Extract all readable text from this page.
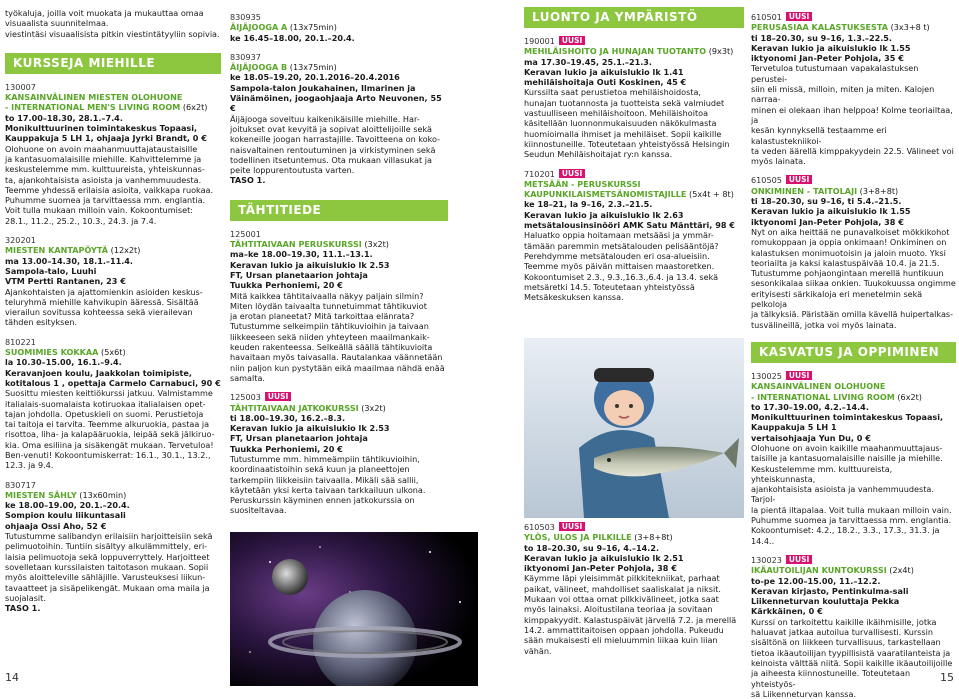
työkaluja, joilla voit muokata ja mukauttaa omaa visuaalista suunnitelmaa.

viestintäsi visuaalisista pitkin viestintätyyliin sopivia.

KURSSEJA MIEHILLE

130007

KANSAINVÄLINEN MIESTEN OLOHUONE

- INTERNATIONAL MEN'S LIVING ROOM (6x2t)

to 17.00–18.30, 28.1.–7.4.

Monikulttuurinen toimintakeskus Topaasi,

Kauppakuja 5 LH 1, ohjaaja Jyrki Brandt, 0 €

Olohuone on avoin maahanmuuttajataustaisille

ja kantasuomalaisille miehille. Kahvittelemme ja

keskustelemme mm. kulttuureista, yhteiskunnas-

ta, ajankohtaisista asioista ja vanhemmuudesta.

Teemme yhdessä erilaisia asioita, vaikkapa ruokaa.

Puhumme suomea ja tarvittaessa mm. englantia.

Voit tulla mukaan milloin vain. Kokoontumiset:

28.1., 11.2., 25.2., 10.3., 24.3. ja 7.4.

320201

MIESTEN KANTAPÖYTÄ (12x2t)

ma 13.00–14.30, 18.1.–11.4.

Sampola-talo, Luuhi

VTM Pertti Rantanen, 23 €

Ajankohtaisten ja ajattomienkin asioiden keskus-

teluryhmä miehille kahvikupin ääressä. Sisältää

vierailun sovitussa kohteessa sekä vierailevan

tähden esityksen.

810221

SUOMIMIES KOKKAA (5x6t)

la 10.30–15.00, 16.1.–9.4.

Keravanjoen koulu, Jaakkolan toimipiste,

kotitalous 1 , opettaja Carmelo Carnabuci, 90 €

Suosittu miesten keittiökurssi jatkuu. Valmistamme

italialais-suomalaista kotiruokaa italialaisen opet-

tajan johdolla. Opetuskieli on suomi. Perustietoja

tai taitoja ei tarvita. Teemme alkuruokia, pastaa ja

risottoa, liha- ja kalapääruokia, leipää sekä jälkiruo-

kia. Oma esiliina ja sisäkengät mukaan. Tervetuloa!

Ben-venuti! Kokoontumiskerrat: 16.1., 30.1., 13.2.,

12.3. ja 9.4.

830717

MIESTEN SÄHLY (13x60min)

ke 18.00–19.00, 20.1.–20.4.

Sompion koulu liikuntasali

ohjaaja Ossi Aho, 52 €

Tutustumme salibandyn erilaisiin harjoitteisiin sekä

pelimuotoihin. Tuntiin sisältyy alkulämmittely, eri-

laisia pelimuotoja sekä loppuverryttely. Harjoitteet

sovelletaan kurssilaisten taitotason mukaan. Sopii

myös aloitteleville sähläjille. Varusteuksesi liikun-

tavaatteet ja sisäpelikengät. Mukaan oma maila ja

suojalasit.

TASO 1.

830935

ÄIJÄJOOGA A (13x75min)

ke 16.45–18.00, 20.1.–20.4.

830937

ÄIJÄJOOGA B (13x75min)

ke 18.05–19.20, 20.1.2016–20.4.2016

Sampola-talon Joukahainen, Ilmarinen ja

Väinämöinen, joogaohjaaja Arto Neuvonen, 55 €

Äijäjooga soveltuu kaikenikäisille miehille. Har-

joitukset ovat kevyitä ja sopivat aloittelijoille sekä

kokeneille joogan harrastajille. Tavoitteena on koko-

naisvaltainen rentoutuminen ja virkistyminen sekä

todellinen itsetuntemus. Ota mukaan villasukat ja

peite loppurentoutusta varten.

TASO 1.

TÄHTITIEDE

125001

TÄHTITAIVAAN PERUSKURSSI (3x2t)

ma–ke 18.00–19.30, 11.1.–13.1.

Keravan lukio ja aikuislukio lk 2.53

FT, Ursan planetaarion johtaja

Tuukka Perhoniemi, 20 €

Mitä kaikkea tähtitaivaalla näkyy paljain silmin?

Miten löydän taivaalta tunnetuimmat tähtikuviot

ja erotan planeetat? Mitä tarkoittaa elänrata?

Tutustumme selkeimpiin tähtikuvioihin ja taivaan

liikkeeseen sekä niiden yhteyteen maailmankaik-

keuden rakenteessa. Selkeällä säällä tähtikuvioita

havaitaan myös taivasalla. Rautalankaa väännetään

niin paljon kun pystytään eikä maailmaa nähdä enää

samalta.

125003 UUSI

TÄHTITAIVAAN JATKOKURSSI (3x2t)

ti 18.00–19.30, 16.2.–8.3.

Keravan lukio ja aikuislukio lk 2.53

FT, Ursan planetaarion johtaja

Tuukka Perhoniemi, 20 €

Tutustumme mm. himmeämpiin tähtikuvioihin,

koordinaatistoihin sekä kuun ja planeettojen

tarkempiin liikkeisiin taivaalla. Mikäli sää sallii,

käytetään yksi kerta taivaan tarkkailuun ulkona.

Peruskurssin käyminen ennen jatkokurssia on

suositeltavaa.

LUONTO JA YMPÄRISTÖ

190001 UUSI

MEHILÄISHOITO JA HUNAJAN TUOTANTO (9x3t)

ma 17.30–19.45, 25.1.–21.3.

Keravan lukio ja aikuislukio lk 1.41

mehiläishoitaja Outi Koskinen, 45 €

Kurssilta saat perustietoa mehiläishoidosta,

hunajan tuotannosta ja tuotteista sekä valmiudet

vastuulliseen mehiläishoitoon. Mehiläishoitoa

käsitellään luonnonmukaisuuden näkökulmasta

huomioimalla ihmiset ja mehiläiset. Sopii kaikille

kiinnostuneille. Toteutetaan yhteistyössä Helsingin

Seudun Mehiläishoitajat ry:n kanssa.

710201 UUSI

METSÄÄN - PERUSKURSSI

KAUPUNKILAISMETSÄNOMISTAJILLE (5x4t + 8t)

ke 18–21, la 9–16, 2.3.–21.5.

Keravan lukio ja aikuislukio lk 2.63

metsätalousinsinööri AMK Satu Mänttäri, 98 €

Haluatko oppia hoitamaan metsääsi ja ymmär-

tämään paremmin metsätalouden pelisääntöjä?

Perehdymme metsätalouden eri osa-alueisiin.

Teemme myös päivän mittaisen maastoretken.

Kokoontumiset 2.3., 9.3.,16.3.,6.4. ja 13.4. sekä

metsäretki 14.5. Toteutetaan yhteistyössä

Metsäkeskuksen kanssa.

610503 UUSI

YLÖS, ULOS JA PILKILLE (3+8+8t)

to 18–20.30, su 9–16, 4.–14.2.

Keravan lukio ja aikuislukio lk 2.51

iktyonomi Jan-Peter Pohjola, 38 €

Käymme läpi yleisimmät pilkkitekniikat, parhaat

paikat, välineet, mahdolliset saaliskalat ja niksit.

Mukaan voi ottaa omat pilkkivälineet, jotka saat

myös lainaksi. Aloitustilana teoriaa ja sovitaan

kimppakyydit. Kalastuspäivät järvellä 7.2. ja merellä

14.2. ammattitaitoisen oppaan johdolla. Pukeudu

sään mukaisesti eli mieluummin liikaa kuin liian

vähän.

610501 UUSI

PERUSASIAA KALASTUKSESTA (3x3+8 t)

ti 18–20.30, su 9–16, 1.3.–22.5.

Keravan lukio ja aikuislukio lk 1.55

iktyonomi Jan-Peter Pohjola, 35 €

Tervetuloa tutustumaan vapakalastuksen perustei-

siin eli missä, milloin, miten ja miten. Kalojen narraa-

minen ei olekaan ihan helppoa! Kolme teoriailtaa, ja

kesän kynnyksellä testaamme eri kalastustekniikoi-

ta veden äärellä kimppakyydein 22.5. Välineet voi

myös lainata.

610505 UUSI

ONKIMINEN - TAITOLAJI (3+8+8t)

ti 18–20.30, su 9–16, ti 5.4.–21.5.

Keravan lukio ja aikuislukio lk 1.55

iktyonomi Jan-Peter Pohjola, 38 €

Nyt on aika heittää ne punavalkoiset mökkikohot

romukoppaan ja oppia onkimaan! Onkiminen on

kalastuksen monimuotoisin ja jaloin muoto. Yksi

teoriailta ja kaksi kalastuspäivää 10.4. ja 21.5.

Tutustumme pohjaongintaan merellä huntikuun

sesonkikalaa siikaa onkien. Tuukokuussa ongimme

erityisesti särkikaloja eri menetelmin sekä pelkoloja

ja tälkyksiä. Päristään omilla kävellä huipertalkas-

tusvälineillä, jotka voi myös lainata.

KASVATUS JA OPPIMINEN

130025 UUSI

KANSAINVÄLINEN OLOHUONE

- INTERNATIONAL LIVING ROOM (6x2t)

to 17.30–19.00, 4.2.–14.4.

Monikulttuurinen toimintakeskus Topaasi,

Kauppakuja 5 LH 1

vertaisohjaaja Yun Du, 0 €

Olohuone on avoin kaikille maahanmuuttajaus-

taisille ja kantasuomalaisille naisille ja miehille.

Keskustelemme mm. kulttuureista, yhteiskunnasta,

ajankohtaisista asioista ja vanhemmuudesta. Tarjol-

la pientä iltapalaa. Voit tulla mukaan milloin vain.

Puhumme suomea ja tarvittaessa mm. englantia.

Kokoontumiset: 4.2., 18.2., 3.3., 17.3., 31.3. ja 14.4..

130023 UUSI

IKÄAUTOILIJAN KUNTOKURSSI (2x4t)

to-pe 12.00–15.00, 11.–12.2.

Keravan kirjasto, Pentinkulma-sali

Liikenneturvan kouluttaja Pekka Kärkkäinen, 0 €

Kurssi on tarkoitettu kaikille ikäihmisille, jotka

haluavat jatkaa autoilua turvallisesti. Kurssin

sisältönä on liikkeen turvallisuus, tarkastellaan

tietoa ikäautoilijan tyypillisistä vaaratilanteista ja

keinoista välttää niitä. Sopii kaikille ikäautoilijoille

ja aiheesta kiinnostuneille. Toteutetaan yhteistyös-

sä Liikenneturvan kanssa.

14	15
